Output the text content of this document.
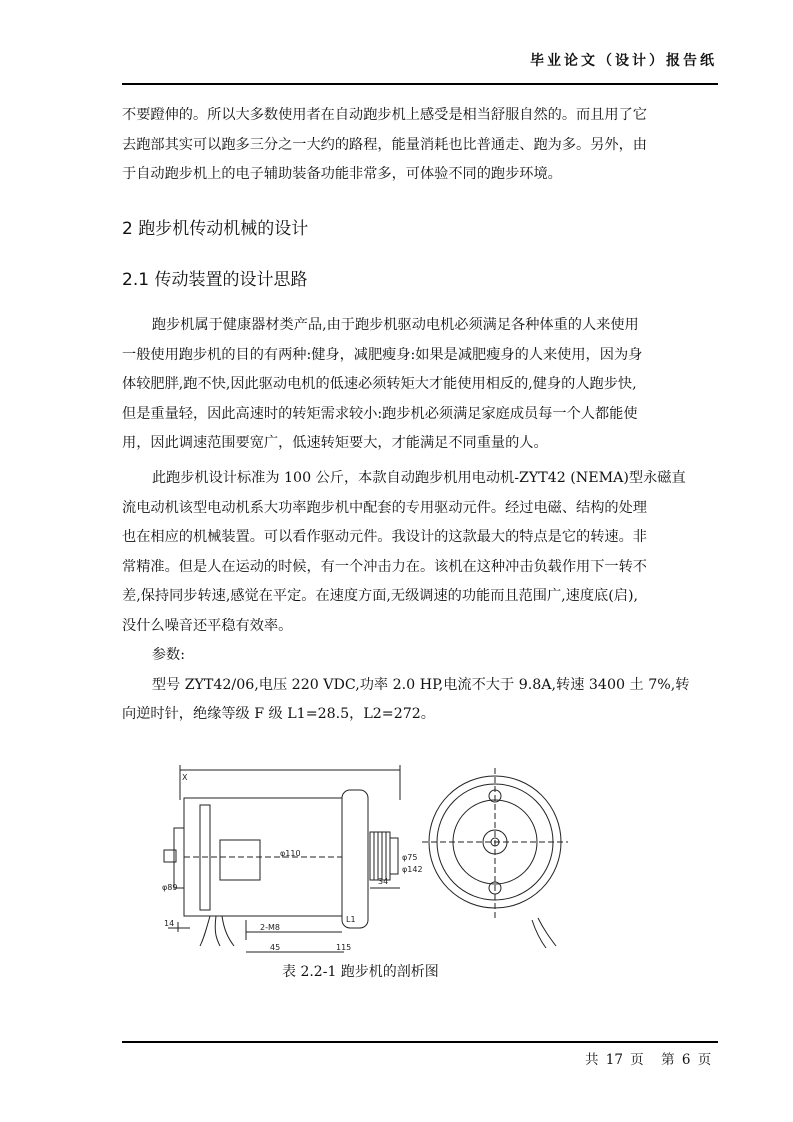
毕业论文（设计）报告纸

不要蹬伸的。所以大多数使用者在自动跑步机上感受是相当舒服自然的。而且用了它

去跑部其实可以跑多三分之一大约的路程，能量消耗也比普通走、跑为多。另外，由

于自动跑步机上的电子辅助装备功能非常多，可体验不同的跑步环境。

2 跑步机传动机械的设计
2.1 传动装置的设计思路

跑步机属于健康器材类产品,由于跑步机驱动电机必须满足各种体重的人来使用

一般使用跑步机的目的有两种:健身，减肥瘦身:如果是减肥瘦身的人来使用，因为身

体较肥胖,跑不快,因此驱动电机的低速必须转矩大才能使用相反的,健身的人跑步快,

但是重量轻，因此高速时的转矩需求较小:跑步机必须满足家庭成员每一个人都能使

用，因此调速范围要宽广，低速转矩要大，才能满足不同重量的人。

此跑步机设计标准为 100 公斤，本款自动跑步机用电动机-ZYT42 (NEMA)型永磁直

流电动机该型电动机系大功率跑步机中配套的专用驱动元件。经过电磁、结构的处理

也在相应的机械装置。可以看作驱动元件。我设计的这款最大的特点是它的转速。非

常精准。但是人在运动的时候，有一个冲击力在。该机在这种冲击负载作用下一转不

差,保持同步转速,感觉在平定。在速度方面,无级调速的功能而且范围广,速度底(启),

没什么噪音还平稳有效率。

参数:

型号 ZYT42/06,电压 220 VDC,功率 2.0 HP,电流不大于 9.8A,转速 3400 土 7%,转

向逆时针，绝缘等级 F 级 L1=28.5，L2=272。

X
φ89
φ110	φ75
φ142
34
14	2-M8
L1
45	115
表 2.2-1 跑步机的剖析图
共 17 页 第 6 页
